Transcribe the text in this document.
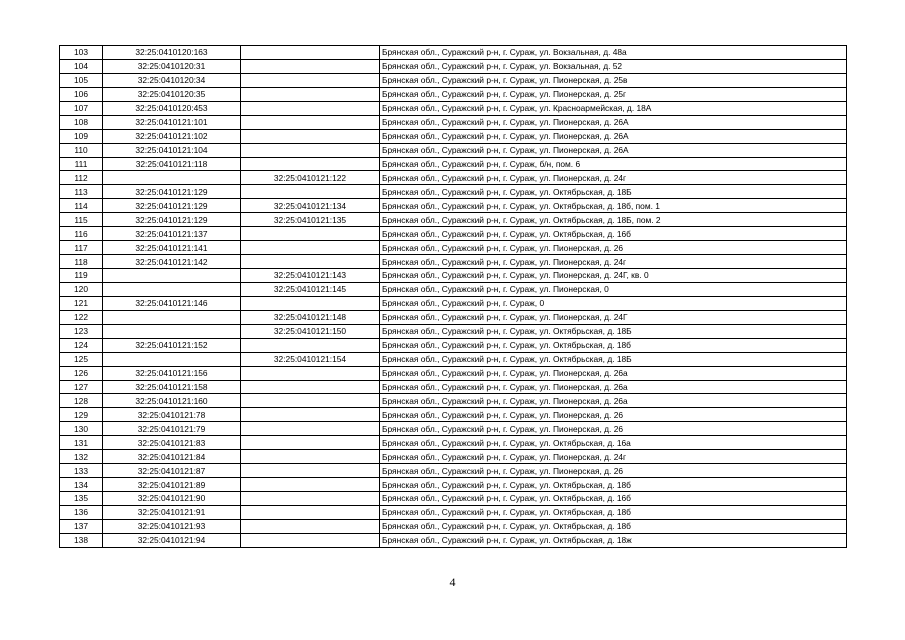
103	32:25:0410120:163		Брянская обл., Суражский р-н, г. Сураж, ул. Вокзальная, д. 48а
104	32:25:0410120:31		Брянская обл., Суражский р-н, г. Сураж, ул. Вокзальная, д. 52
105	32:25:0410120:34		Брянская обл., Суражский р-н, г. Сураж, ул. Пионерская, д. 25в
106	32:25:0410120:35		Брянская обл., Суражский р-н, г. Сураж, ул. Пионерская, д. 25г
107	32:25:0410120:453		Брянская обл., Суражский р-н, г. Сураж, ул. Красноармейская, д. 18А
108	32:25:0410121:101		Брянская обл., Суражский р-н, г. Сураж, ул. Пионерская, д. 26А
109	32:25:0410121:102		Брянская обл., Суражский р-н, г. Сураж, ул. Пионерская, д. 26А
110	32:25:0410121:104		Брянская обл., Суражский р-н, г. Сураж, ул. Пионерская, д. 26А
111	32:25:0410121:118		Брянская обл., Суражский р-н, г. Сураж, б/н, пом. 6
112		32:25:0410121:122	Брянская обл., Суражский р-н, г. Сураж, ул. Пионерская, д. 24г
113	32:25:0410121:129		Брянская обл., Суражский р-н, г. Сураж, ул. Октябрьская, д. 18Б
114	32:25:0410121:129	32:25:0410121:134	Брянская обл., Суражский р-н, г. Сураж, ул. Октябрьская, д. 18б, пом. 1
115	32:25:0410121:129	32:25:0410121:135	Брянская обл., Суражский р-н, г. Сураж, ул. Октябрьская, д. 18Б, пом. 2
116	32:25:0410121:137		Брянская обл., Суражский р-н, г. Сураж, ул. Октябрьская, д. 16б
117	32:25:0410121:141		Брянская обл., Суражский р-н, г. Сураж, ул. Пионерская, д. 26
118	32:25:0410121:142		Брянская обл., Суражский р-н, г. Сураж, ул. Пионерская, д. 24г
119		32:25:0410121:143	Брянская обл., Суражский р-н, г. Сураж, ул. Пионерская, д. 24Г, кв. 0
120		32:25:0410121:145	Брянская обл., Суражский р-н, г. Сураж, ул. Пионерская, 0
121	32:25:0410121:146		Брянская обл., Суражский р-н, г. Сураж, 0
122		32:25:0410121:148	Брянская обл., Суражский р-н, г. Сураж, ул. Пионерская, д. 24Г
123		32:25:0410121:150	Брянская обл., Суражский р-н, г. Сураж, ул. Октябрьская, д. 18Б
124	32:25:0410121:152		Брянская обл., Суражский р-н, г. Сураж, ул. Октябрьская, д. 18б
125		32:25:0410121:154	Брянская обл., Суражский р-н, г. Сураж, ул. Октябрьская, д. 18Б
126	32:25:0410121:156		Брянская обл., Суражский р-н, г. Сураж, ул. Пионерская, д. 26а
127	32:25:0410121:158		Брянская обл., Суражский р-н, г. Сураж, ул. Пионерская, д. 26а
128	32:25:0410121:160		Брянская обл., Суражский р-н, г. Сураж, ул. Пионерская, д. 26а
129	32:25:0410121:78		Брянская обл., Суражский р-н, г. Сураж, ул. Пионерская, д. 26
130	32:25:0410121:79		Брянская обл., Суражский р-н, г. Сураж, ул. Пионерская, д. 26
131	32:25:0410121:83		Брянская обл., Суражский р-н, г. Сураж, ул. Октябрьская, д. 16а
132	32:25:0410121:84		Брянская обл., Суражский р-н, г. Сураж, ул. Пионерская, д. 24г
133	32:25:0410121:87		Брянская обл., Суражский р-н, г. Сураж, ул. Пионерская, д. 26
134	32:25:0410121:89		Брянская обл., Суражский р-н, г. Сураж, ул. Октябрьская, д. 18б
135	32:25:0410121:90		Брянская обл., Суражский р-н, г. Сураж, ул. Октябрьская, д. 16б
136	32:25:0410121:91		Брянская обл., Суражский р-н, г. Сураж, ул. Октябрьская, д. 18б
137	32:25:0410121:93		Брянская обл., Суражский р-н, г. Сураж, ул. Октябрьская, д. 18б
138	32:25:0410121:94		Брянская обл., Суражский р-н, г. Сураж, ул. Октябрьская, д. 18ж
4
